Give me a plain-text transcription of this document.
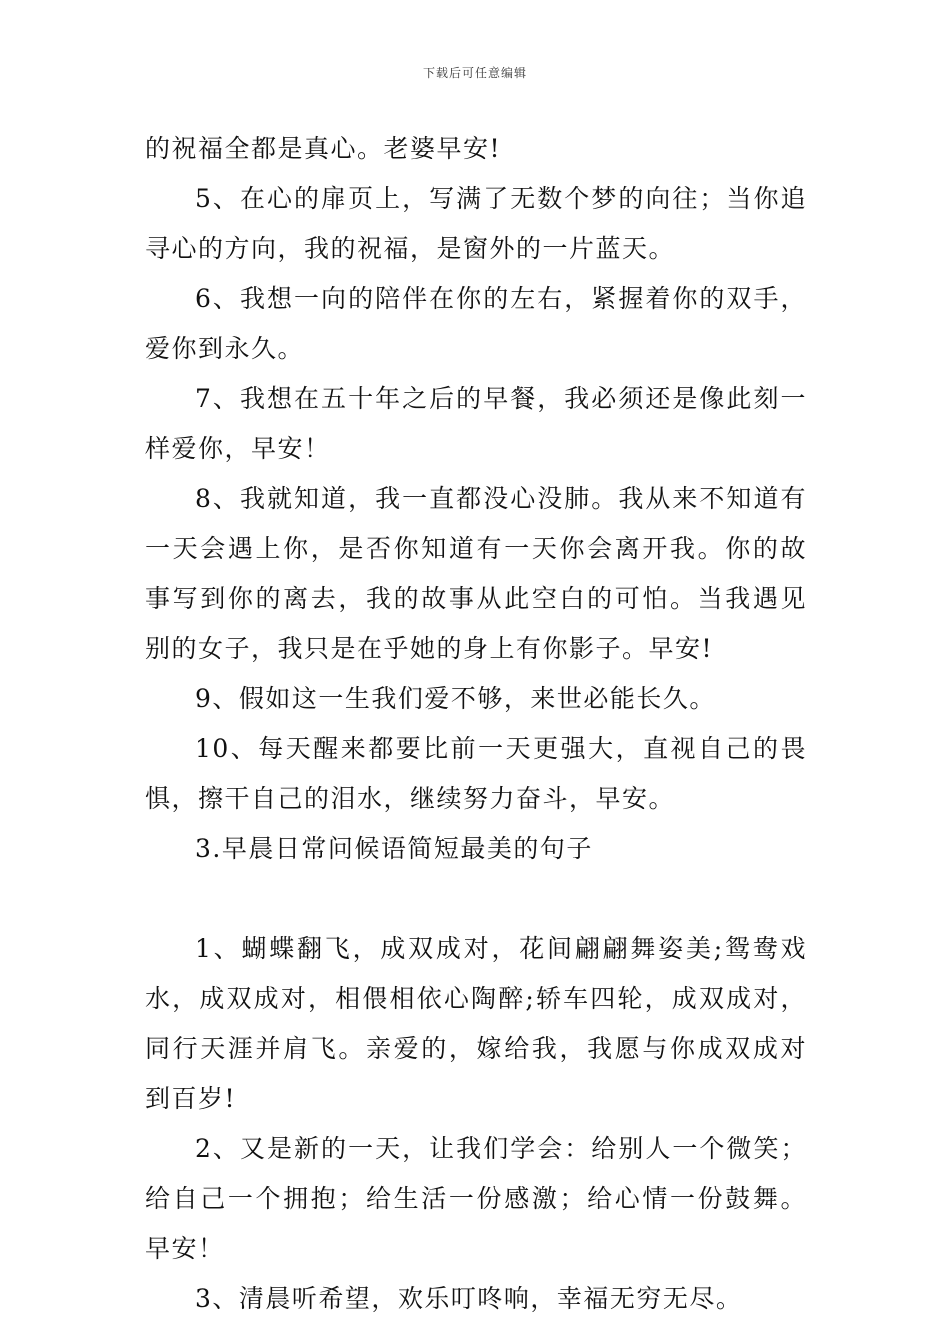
下载后可任意编辑

的祝福全都是真心。老婆早安!

5、在心的扉页上，写满了无数个梦的向往；当你追寻心的方向，我的祝福，是窗外的一片蓝天。

6、我想一向的陪伴在你的左右，紧握着你的双手，爱你到永久。

7、我想在五十年之后的早餐，我必须还是像此刻一样爱你，早安！

8、我就知道，我一直都没心没肺。我从来不知道有一天会遇上你，是否你知道有一天你会离开我。你的故事写到你的离去，我的故事从此空白的可怕。当我遇见别的女子，我只是在乎她的身上有你影子。早安!

9、假如这一生我们爱不够，来世必能长久。

10、每天醒来都要比前一天更强大，直视自己的畏惧，擦干自己的泪水，继续努力奋斗，早安。

3.早晨日常问候语简短最美的句子

1、蝴蝶翻飞，成双成对，花间翩翩舞姿美;鸳鸯戏水，成双成对，相偎相依心陶醉;轿车四轮，成双成对，同行天涯并肩飞。亲爱的，嫁给我，我愿与你成双成对到百岁!

2、又是新的一天，让我们学会：给别人一个微笑；给自己一个拥抱；给生活一份感激；给心情一份鼓舞。早安！

3、清晨听希望，欢乐叮咚响，幸福无穷无尽。
